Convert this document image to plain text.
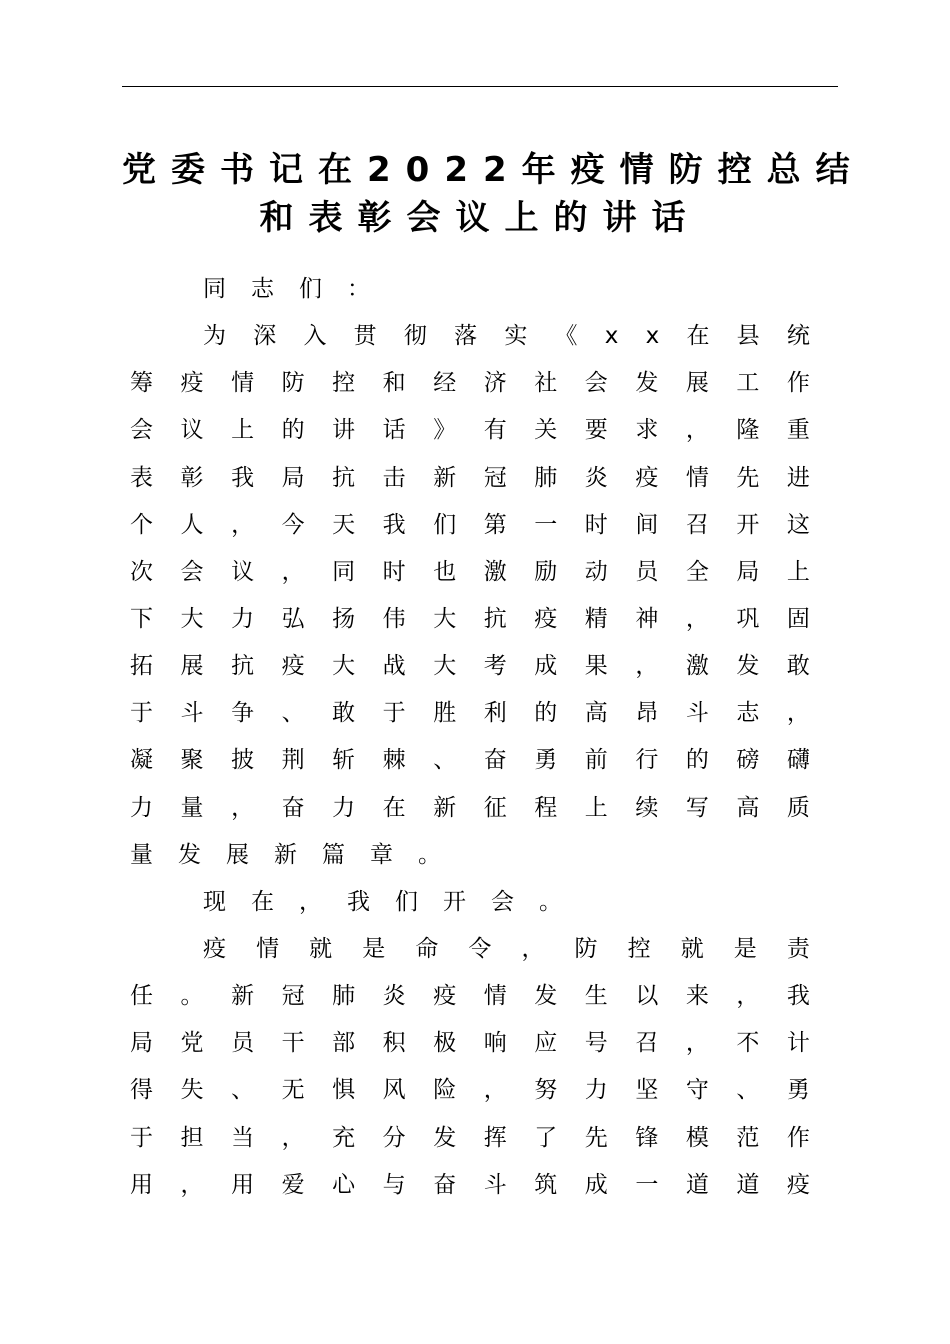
党委书记在2022年疫情防控总结
和表彰会议上的讲话
同志们：
为 深 入 贯 彻 落 实 《 x x 在 县 统
筹 疫 情 防 控 和 经 济 社 会 发 展 工 作
会 议 上 的 讲 话 》 有 关 要 求 ， 隆 重
表 彰 我 局 抗 击 新 冠 肺 炎 疫 情 先 进
个 人 ， 今 天 我 们 第 一 时 间 召 开 这
次 会 议 ， 同 时 也 激 励 动 员 全 局 上
下 大 力 弘 扬 伟 大 抗 疫 精 神 ， 巩 固
拓 展 抗 疫 大 战 大 考 成 果 ， 激 发 敢
于 斗 争 、 敢 于 胜 利 的 高 昂 斗 志 ，
凝 聚 披 荆 斩 棘 、 奋 勇 前 行 的 磅 礴
力 量 ， 奋 力 在 新 征 程 上 续 写 高 质
量发展新篇章。
现在，我们开会。
疫 情 就 是 命 令 ， 防 控 就 是 责
任 。 新 冠 肺 炎 疫 情 发 生 以 来 ， 我
局 党 员 干 部 积 极 响 应 号 召 ， 不 计
得 失 、 无 惧 风 险 ， 努 力 坚 守 、 勇
于 担 当 ， 充 分 发 挥 了 先 锋 模 范 作
用 ， 用 爱 心 与 奋 斗 筑 成 一 道 道 疫
